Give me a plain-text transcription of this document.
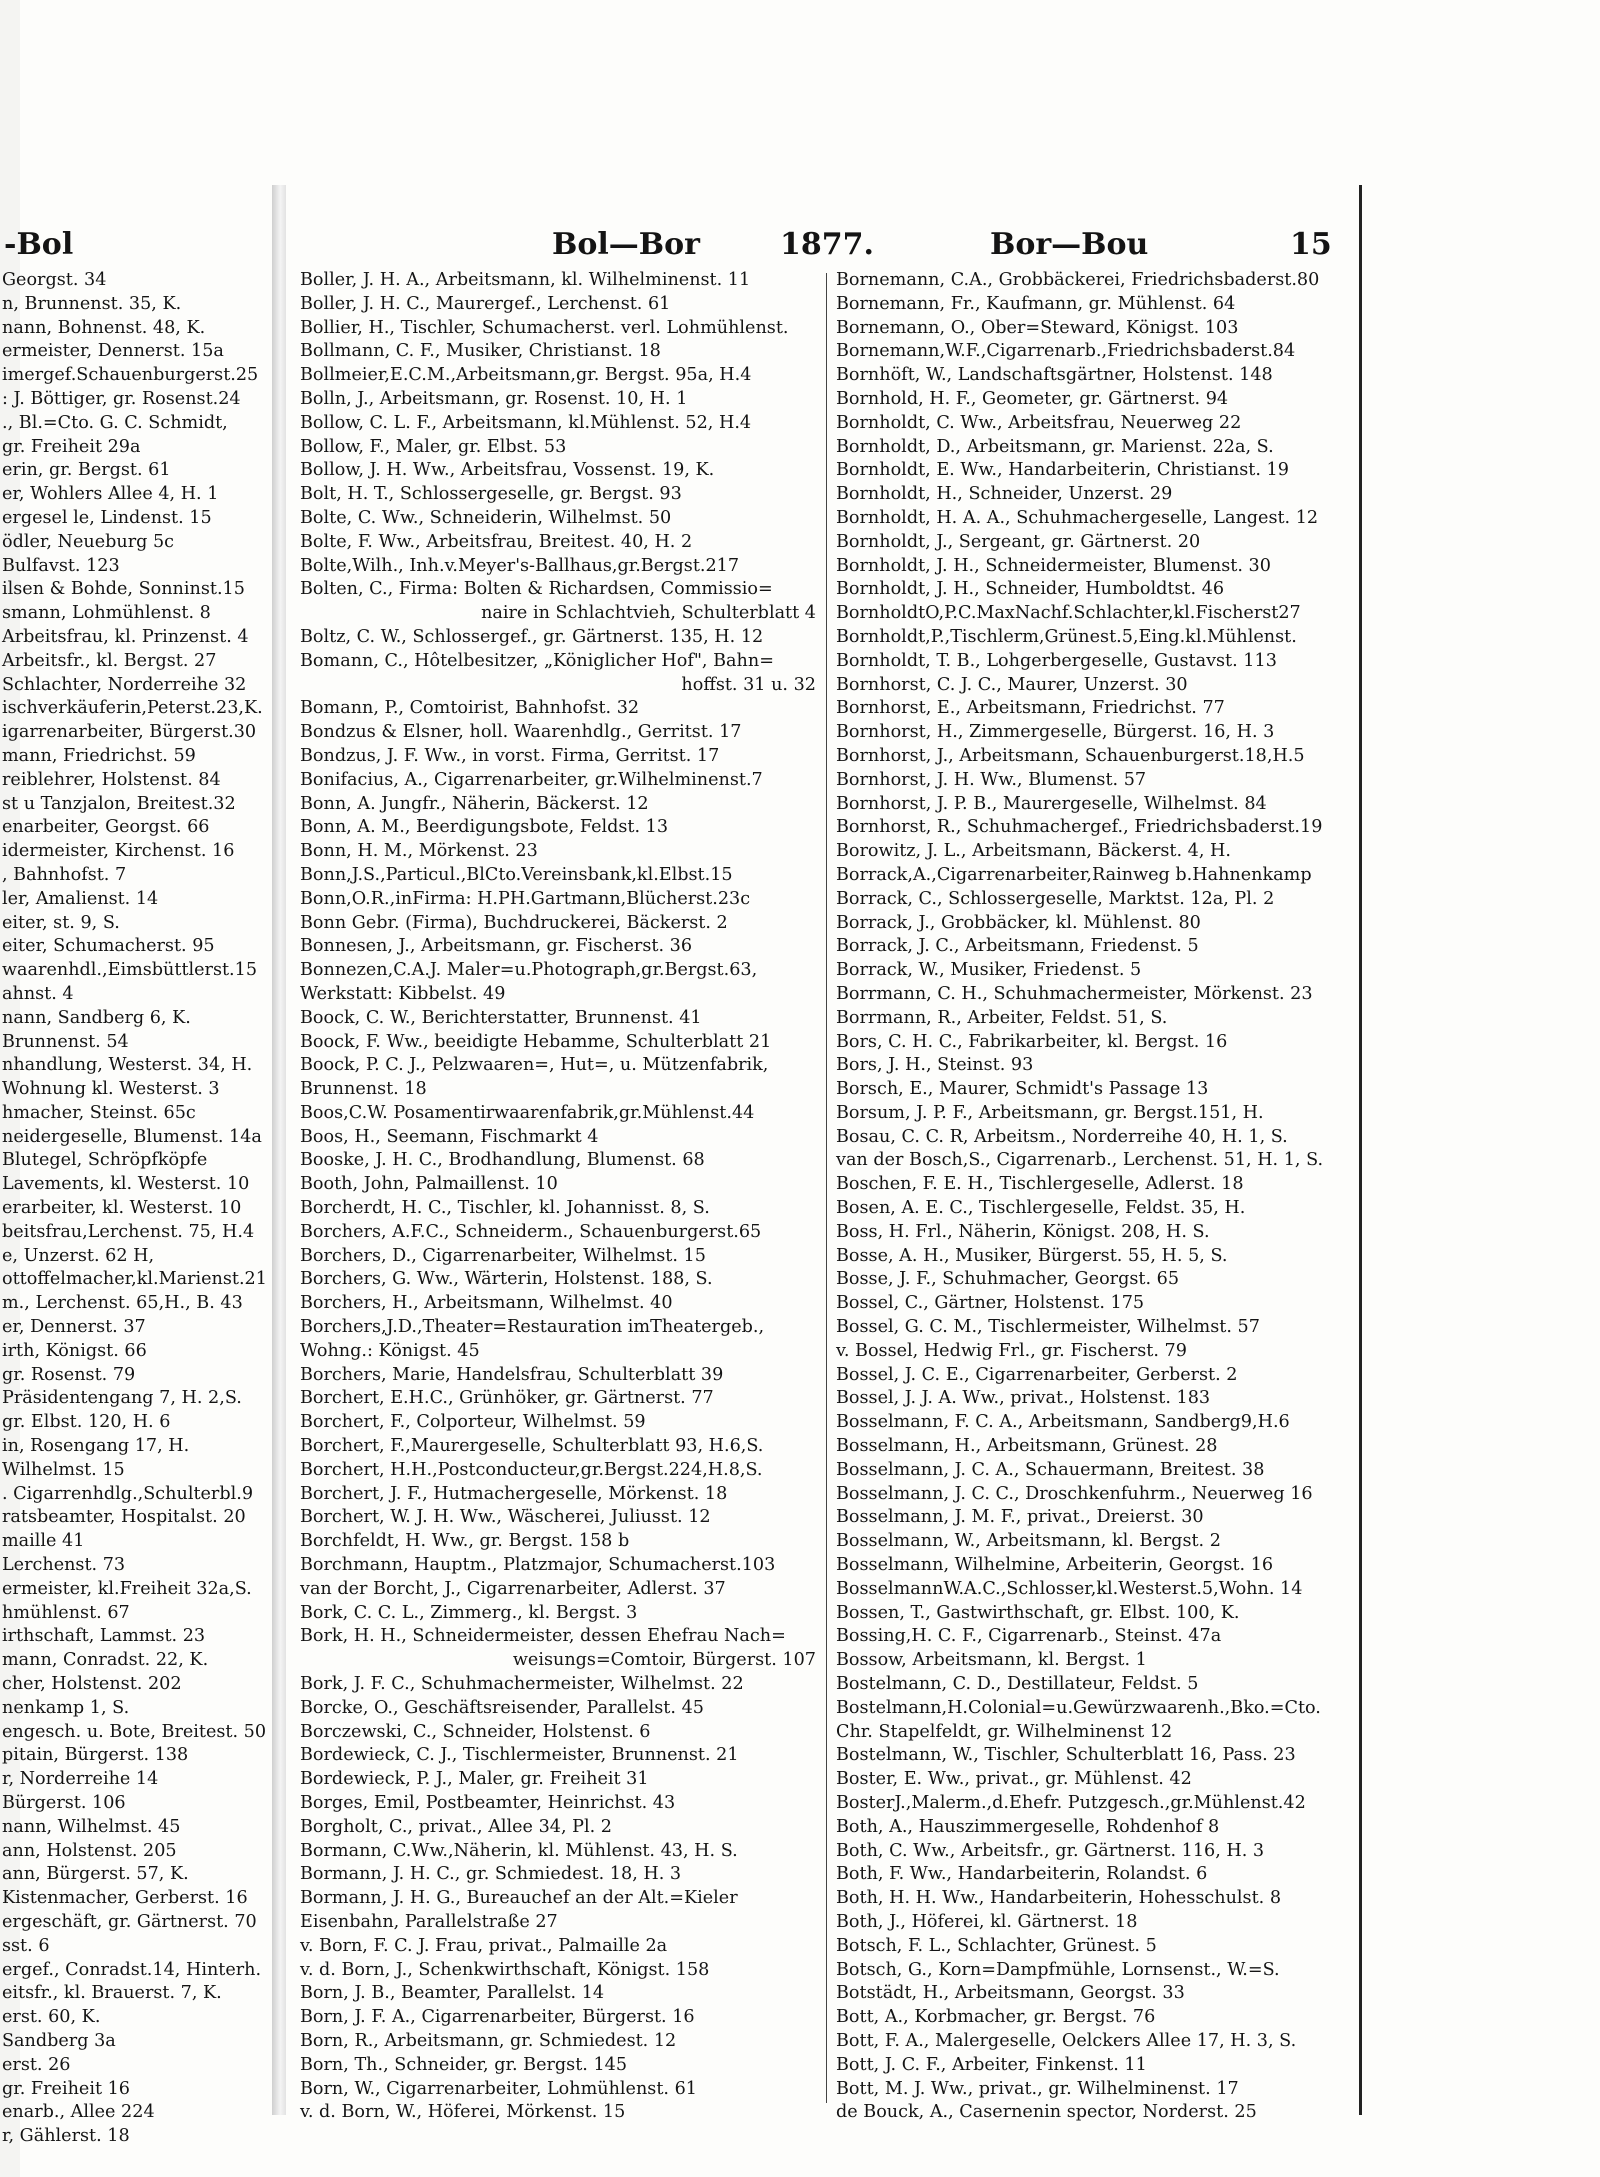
-Bol
Georgst. 34
n, Brunnenst. 35, K.
nann, Bohnenst. 48, K.
ermeister, Dennerst. 15a
imergef.Schauenburgerst.25
: J. Böttiger, gr. Rosenst.24
., Bl.=Cto. G. C. Schmidt,
gr. Freiheit 29a
erin, gr. Bergst. 61
er, Wohlers Allee 4, H. 1
ergesel le, Lindenst. 15
ödler, Neueburg 5c
Bulfavst. 123
ilsen & Bohde, Sonninst.15
smann, Lohmühlenst. 8
Arbeitsfrau, kl. Prinzenst. 4
Arbeitsfr., kl. Bergst. 27
Schlachter, Norderreihe 32
ischverkäuferin,Peterst.23,K.
igarrenarbeiter, Bürgerst.30
mann, Friedrichst. 59
reiblehrer, Holstenst. 84
st u Tanzjalon, Breitest.32
enarbeiter, Georgst. 66
idermeister, Kirchenst. 16
, Bahnhofst. 7
ler, Amalienst. 14
eiter, st. 9, S.
eiter, Schumacherst. 95
waarenhdl.,Eimsbüttlerst.15
ahnst. 4
nann, Sandberg 6, K.
Brunnenst. 54
nhandlung, Westerst. 34, H.
Wohnung kl. Westerst. 3
hmacher, Steinst. 65c
neidergeselle, Blumenst. 14a
Blutegel, Schröpfköpfe
Lavements, kl. Westerst. 10
erarbeiter, kl. Westerst. 10
beitsfrau,Lerchenst. 75, H.4
e, Unzerst. 62 H,
ottoffelmacher,kl.Marienst.21
m., Lerchenst. 65,H., B. 43
er, Dennerst. 37
irth, Königst. 66
gr. Rosenst. 79
Präsidentengang 7, H. 2,S.
gr. Elbst. 120, H. 6
in, Rosengang 17, H.
Wilhelmst. 15
. Cigarrenhdlg.,Schulterbl.9
ratsbeamter, Hospitalst. 20
maille 41
Lerchenst. 73
ermeister, kl.Freiheit 32a,S.
hmühlenst. 67
irthschaft, Lammst. 23
mann, Conradst. 22, K.
cher, Holstenst. 202
nenkamp 1, S.
engesch. u. Bote, Breitest. 50
pitain, Bürgerst. 138
r, Norderreihe 14
Bürgerst. 106
nann, Wilhelmst. 45
ann, Holstenst. 205
ann, Bürgerst. 57, K.
Kistenmacher, Gerberst. 16
ergeschäft, gr. Gärtnerst. 70
sst. 6
ergef., Conradst.14, Hinterh.
eitsfr., kl. Brauerst. 7, K.
erst. 60, K.
Sandberg 3a
erst. 26
gr. Freiheit 16
enarb., Allee 224
r, Gählerst. 18
Bol—Bor	1877.	Bor—Bou	15
Boller, J. H. A., Arbeitsmann, kl. Wilhelminenst. 11
Boller, J. H. C., Maurergef., Lerchenst. 61
Bollier, H., Tischler, Schumacherst. verl. Lohmühlenst.
Bollmann, C. F., Musiker, Christianst. 18
Bollmeier,E.C.M.,Arbeitsmann,gr. Bergst. 95a, H.4
Bolln, J., Arbeitsmann, gr. Rosenst. 10, H. 1
Bollow, C. L. F., Arbeitsmann, kl.Mühlenst. 52, H.4
Bollow, F., Maler, gr. Elbst. 53
Bollow, J. H. Ww., Arbeitsfrau, Vossenst. 19, K.
Bolt, H. T., Schlossergeselle, gr. Bergst. 93
Bolte, C. Ww., Schneiderin, Wilhelmst. 50
Bolte, F. Ww., Arbeitsfrau, Breitest. 40, H. 2
Bolte,Wilh., Inh.v.Meyer's-Ballhaus,gr.Bergst.217
Bolten, C., Firma: Bolten & Richardsen, Commissio=
naire in Schlachtvieh, Schulterblatt 4
Boltz, C. W., Schlossergef., gr. Gärtnerst. 135, H. 12
Bomann, C., Hôtelbesitzer, „Königlicher Hof", Bahn=
hoffst. 31 u. 32
Bomann, P., Comtoirist, Bahnhofst. 32
Bondzus & Elsner, holl. Waarenhdlg., Gerritst. 17
Bondzus, J. F. Ww., in vorst. Firma, Gerritst. 17
Bonifacius, A., Cigarrenarbeiter, gr.Wilhelminenst.7
Bonn, A. Jungfr., Näherin, Bäckerst. 12
Bonn, A. M., Beerdigungsbote, Feldst. 13
Bonn, H. M., Mörkenst. 23
Bonn,J.S.,Particul.,BlCto.Vereinsbank,kl.Elbst.15
Bonn,O.R.,inFirma: H.PH.Gartmann,Blücherst.23c
Bonn Gebr. (Firma), Buchdruckerei, Bäckerst. 2
Bonnesen, J., Arbeitsmann, gr. Fischerst. 36
Bonnezen,C.A.J. Maler=u.Photograph,gr.Bergst.63,
Werkstatt: Kibbelst. 49
Boock, C. W., Berichterstatter, Brunnenst. 41
Boock, F. Ww., beeidigte Hebamme, Schulterblatt 21
Boock, P. C. J., Pelzwaaren=, Hut=, u. Mützenfabrik,
Brunnenst. 18
Boos,C.W. Posamentirwaarenfabrik,gr.Mühlenst.44
Boos, H., Seemann, Fischmarkt 4
Booske, J. H. C., Brodhandlung, Blumenst. 68
Booth, John, Palmaillenst. 10
Borcherdt, H. C., Tischler, kl. Johannisst. 8, S.
Borchers, A.F.C., Schneiderm., Schauenburgerst.65
Borchers, D., Cigarrenarbeiter, Wilhelmst. 15
Borchers, G. Ww., Wärterin, Holstenst. 188, S.
Borchers, H., Arbeitsmann, Wilhelmst. 40
Borchers,J.D.,Theater=Restauration imTheatergeb.,
Wohng.: Königst. 45
Borchers, Marie, Handelsfrau, Schulterblatt 39
Borchert, E.H.C., Grünhöker, gr. Gärtnerst. 77
Borchert, F., Colporteur, Wilhelmst. 59
Borchert, F.,Maurergeselle, Schulterblatt 93, H.6,S.
Borchert, H.H.,Postconducteur,gr.Bergst.224,H.8,S.
Borchert, J. F., Hutmachergeselle, Mörkenst. 18
Borchert, W. J. H. Ww., Wäscherei, Juliusst. 12
Borchfeldt, H. Ww., gr. Bergst. 158 b
Borchmann, Hauptm., Platzmajor, Schumacherst.103
van der Borcht, J., Cigarrenarbeiter, Adlerst. 37
Bork, C. C. L., Zimmerg., kl. Bergst. 3
Bork, H. H., Schneidermeister, dessen Ehefrau Nach=
weisungs=Comtoir, Bürgerst. 107
Bork, J. F. C., Schuhmachermeister, Wilhelmst. 22
Borcke, O., Geschäftsreisender, Parallelst. 45
Borczewski, C., Schneider, Holstenst. 6
Bordewieck, C. J., Tischlermeister, Brunnenst. 21
Bordewieck, P. J., Maler, gr. Freiheit 31
Borges, Emil, Postbeamter, Heinrichst. 43
Borgholt, C., privat., Allee 34, Pl. 2
Bormann, C.Ww.,Näherin, kl. Mühlenst. 43, H. S.
Bormann, J. H. C., gr. Schmiedest. 18, H. 3
Bormann, J. H. G., Bureauchef an der Alt.=Kieler
Eisenbahn, Parallelstraße 27
v. Born, F. C. J. Frau, privat., Palmaille 2a
v. d. Born, J., Schenkwirthschaft, Königst. 158
Born, J. B., Beamter, Parallelst. 14
Born, J. F. A., Cigarrenarbeiter, Bürgerst. 16
Born, R., Arbeitsmann, gr. Schmiedest. 12
Born, Th., Schneider, gr. Bergst. 145
Born, W., Cigarrenarbeiter, Lohmühlenst. 61
v. d. Born, W., Höferei, Mörkenst. 15
Bornemann, C.A., Grobbäckerei, Friedrichsbaderst.80
Bornemann, Fr., Kaufmann, gr. Mühlenst. 64
Bornemann, O., Ober=Steward, Königst. 103
Bornemann,W.F.,Cigarrenarb.,Friedrichsbaderst.84
Bornhöft, W., Landschaftsgärtner, Holstenst. 148
Bornhold, H. F., Geometer, gr. Gärtnerst. 94
Bornholdt, C. Ww., Arbeitsfrau, Neuerweg 22
Bornholdt, D., Arbeitsmann, gr. Marienst. 22a, S.
Bornholdt, E. Ww., Handarbeiterin, Christianst. 19
Bornholdt, H., Schneider, Unzerst. 29
Bornholdt, H. A. A., Schuhmachergeselle, Langest. 12
Bornholdt, J., Sergeant, gr. Gärtnerst. 20
Bornholdt, J. H., Schneidermeister, Blumenst. 30
Bornholdt, J. H., Schneider, Humboldtst. 46
BornholdtO,P.C.MaxNachf.Schlachter,kl.Fischerst27
Bornholdt,P.,Tischlerm,Grünest.5,Eing.kl.Mühlenst.
Bornholdt, T. B., Lohgerbergeselle, Gustavst. 113
Bornhorst, C. J. C., Maurer, Unzerst. 30
Bornhorst, E., Arbeitsmann, Friedrichst. 77
Bornhorst, H., Zimmergeselle, Bürgerst. 16, H. 3
Bornhorst, J., Arbeitsmann, Schauenburgerst.18,H.5
Bornhorst, J. H. Ww., Blumenst. 57
Bornhorst, J. P. B., Maurergeselle, Wilhelmst. 84
Bornhorst, R., Schuhmachergef., Friedrichsbaderst.19
Borowitz, J. L., Arbeitsmann, Bäckerst. 4, H.
Borrack,A.,Cigarrenarbeiter,Rainweg b.Hahnenkamp
Borrack, C., Schlossergeselle, Marktst. 12a, Pl. 2
Borrack, J., Grobbäcker, kl. Mühlenst. 80
Borrack, J. C., Arbeitsmann, Friedenst. 5
Borrack, W., Musiker, Friedenst. 5
Borrmann, C. H., Schuhmachermeister, Mörkenst. 23
Borrmann, R., Arbeiter, Feldst. 51, S.
Bors, C. H. C., Fabrikarbeiter, kl. Bergst. 16
Bors, J. H., Steinst. 93
Borsch, E., Maurer, Schmidt's Passage 13
Borsum, J. P. F., Arbeitsmann, gr. Bergst.151, H.
Bosau, C. C. R, Arbeitsm., Norderreihe 40, H. 1, S.
van der Bosch,S., Cigarrenarb., Lerchenst. 51, H. 1, S.
Boschen, F. E. H., Tischlergeselle, Adlerst. 18
Bosen, A. E. C., Tischlergeselle, Feldst. 35, H.
Boss, H. Frl., Näherin, Königst. 208, H. S.
Bosse, A. H., Musiker, Bürgerst. 55, H. 5, S.
Bosse, J. F., Schuhmacher, Georgst. 65
Bossel, C., Gärtner, Holstenst. 175
Bossel, G. C. M., Tischlermeister, Wilhelmst. 57
v. Bossel, Hedwig Frl., gr. Fischerst. 79
Bossel, J. C. E., Cigarrenarbeiter, Gerberst. 2
Bossel, J. J. A. Ww., privat., Holstenst. 183
Bosselmann, F. C. A., Arbeitsmann, Sandberg9,H.6
Bosselmann, H., Arbeitsmann, Grünest. 28
Bosselmann, J. C. A., Schauermann, Breitest. 38
Bosselmann, J. C. C., Droschkenfuhrm., Neuerweg 16
Bosselmann, J. M. F., privat., Dreierst. 30
Bosselmann, W., Arbeitsmann, kl. Bergst. 2
Bosselmann, Wilhelmine, Arbeiterin, Georgst. 16
BosselmannW.A.C.,Schlosser,kl.Westerst.5,Wohn. 14
Bossen, T., Gastwirthschaft, gr. Elbst. 100, K.
Bossing,H. C. F., Cigarrenarb., Steinst. 47a
Bossow, Arbeitsmann, kl. Bergst. 1
Bostelmann, C. D., Destillateur, Feldst. 5
Bostelmann,H.Colonial=u.Gewürzwaarenh.,Bko.=Cto.
Chr. Stapelfeldt, gr. Wilhelminenst 12
Bostelmann, W., Tischler, Schulterblatt 16, Pass. 23
Boster, E. Ww., privat., gr. Mühlenst. 42
BosterJ.,Malerm.,d.Ehefr. Putzgesch.,gr.Mühlenst.42
Both, A., Hauszimmergeselle, Rohdenhof 8
Both, C. Ww., Arbeitsfr., gr. Gärtnerst. 116, H. 3
Both, F. Ww., Handarbeiterin, Rolandst. 6
Both, H. H. Ww., Handarbeiterin, Hohesschulst. 8
Both, J., Höferei, kl. Gärtnerst. 18
Botsch, F. L., Schlachter, Grünest. 5
Botsch, G., Korn=Dampfmühle, Lornsenst., W.=S.
Botstädt, H., Arbeitsmann, Georgst. 33
Bott, A., Korbmacher, gr. Bergst. 76
Bott, F. A., Malergeselle, Oelckers Allee 17, H. 3, S.
Bott, J. C. F., Arbeiter, Finkenst. 11
Bott, M. J. Ww., privat., gr. Wilhelminenst. 17
de Bouck, A., Casernenin spector, Norderst. 25
